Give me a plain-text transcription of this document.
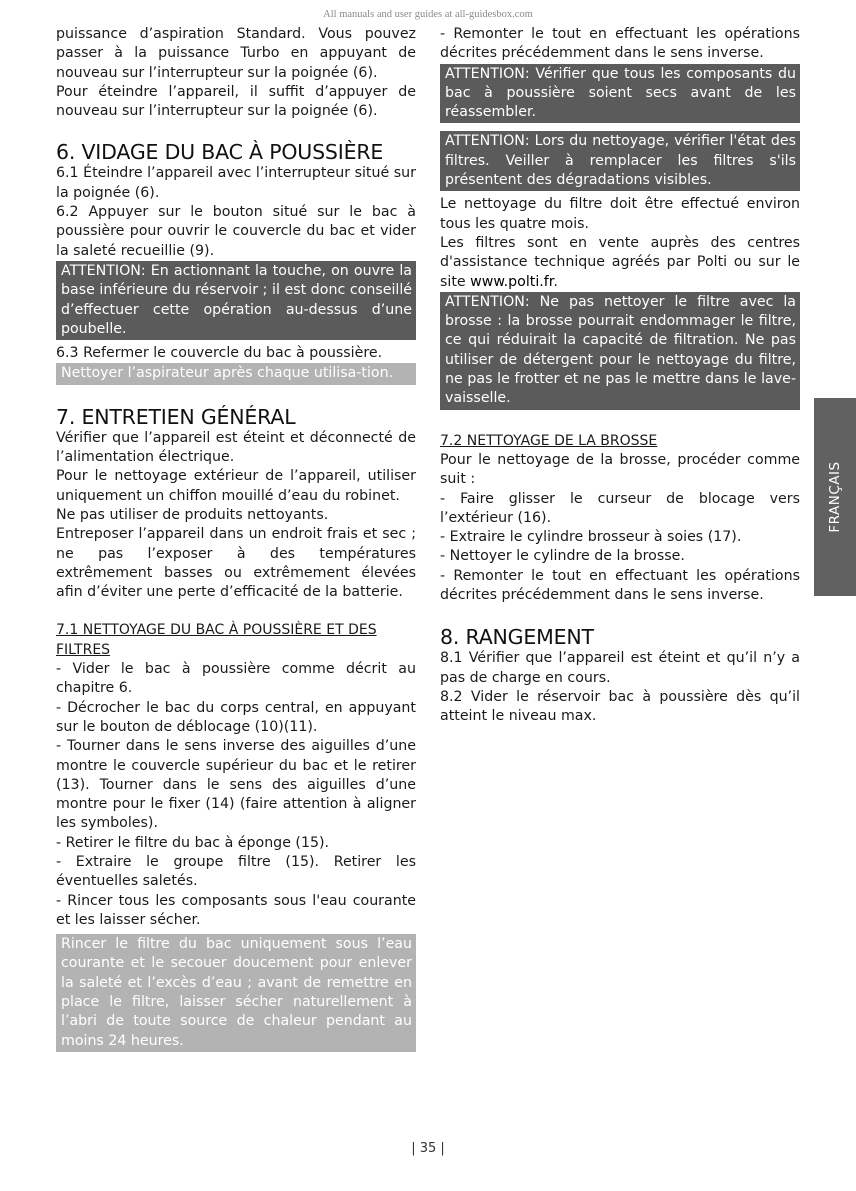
All manuals and user guides at all-guidesbox.com

puissance d’aspiration Standard. Vous pouvez passer à la puissance Turbo en appuyant de nouveau sur l’interrupteur sur la poignée (6).

Pour éteindre l’appareil, il suffit d’appuyer de nouveau sur l’interrupteur sur la poignée (6).

6. VIDAGE DU BAC À POUSSIÈRE

6.1 Éteindre l’appareil avec l’interrupteur situé sur la poignée (6).

6.2 Appuyer sur le bouton situé sur le bac à poussière pour ouvrir le couvercle du bac et vider la saleté recueillie (9).

ATTENTION: En actionnant la touche, on ouvre la base inférieure du réservoir ; il est donc conseillé d’effectuer cette opération au-dessus d’une poubelle.

6.3 Refermer le couvercle du bac à poussière.

Nettoyer l’aspirateur après chaque utilisa-tion.
7. ENTRETIEN GÉNÉRAL

Vérifier que l’appareil est éteint et déconnecté de l’alimentation électrique.

Pour le nettoyage extérieur de l’appareil, utiliser uniquement un chiffon mouillé d’eau du robinet.

Ne pas utiliser de produits nettoyants.

Entreposer l’appareil dans un endroit frais et sec ; ne pas l’exposer à des températures extrêmement basses ou extrêmement élevées afin d’éviter une perte d’efficacité de la batterie.

7.1 NETTOYAGE DU BAC À POUSSIÈRE ET DES FILTRES

- Vider le bac à poussière comme décrit au chapitre 6.

- Décrocher le bac du corps central, en appuyant sur le bouton de déblocage (10)(11).

- Tourner dans le sens inverse des aiguilles d’une montre le couvercle supérieur du bac et le retirer (13). Tourner dans le sens des aiguilles d’une montre pour le fixer (14) (faire attention à aligner les symboles).

- Retirer le filtre du bac à éponge (15).

- Extraire le groupe filtre (15). Retirer les éventuelles saletés.

- Rincer tous les composants sous l'eau courante et les laisser sécher.

Rincer le filtre du bac uniquement sous l’eau courante et le secouer doucement pour enlever la saleté et l’excès d’eau ; avant de remettre en place le filtre, laisser sécher naturellement à l’abri de toute source de chaleur pendant au moins 24 heures.

- Remonter le tout en effectuant les opérations décrites précédemment dans le sens inverse.

ATTENTION: Vérifier que tous les composants du bac à poussière soient secs avant de les réassembler.
ATTENTION: Lors du nettoyage, vérifier l'état des filtres. Veiller à remplacer les filtres s'ils présentent des dégradations visibles.

Le nettoyage du filtre doit être effectué environ tous les quatre mois.

Les filtres sont en vente auprès des centres d'assistance technique agréés par Polti ou sur le site www.polti.fr.

ATTENTION: Ne pas nettoyer le filtre avec la brosse : la brosse pourrait endommager le filtre, ce qui réduirait la capacité de filtration. Ne pas utiliser de détergent pour le nettoyage du filtre, ne pas le frotter et ne pas le mettre dans le lave-vaisselle.

7.2 NETTOYAGE DE LA BROSSE

Pour le nettoyage de la brosse, procéder comme suit :

- Faire glisser le curseur de blocage vers l’extérieur (16).

- Extraire le cylindre brosseur à soies (17).

- Nettoyer le cylindre de la brosse.

- Remonter le tout en effectuant les opérations décrites précédemment dans le sens inverse.

8. RANGEMENT

8.1 Vérifier que l’appareil est éteint et qu’il n’y a pas de charge en cours.

8.2 Vider le réservoir bac à poussière dès qu’il atteint le niveau max.

FRANÇAIS
| 35 |
